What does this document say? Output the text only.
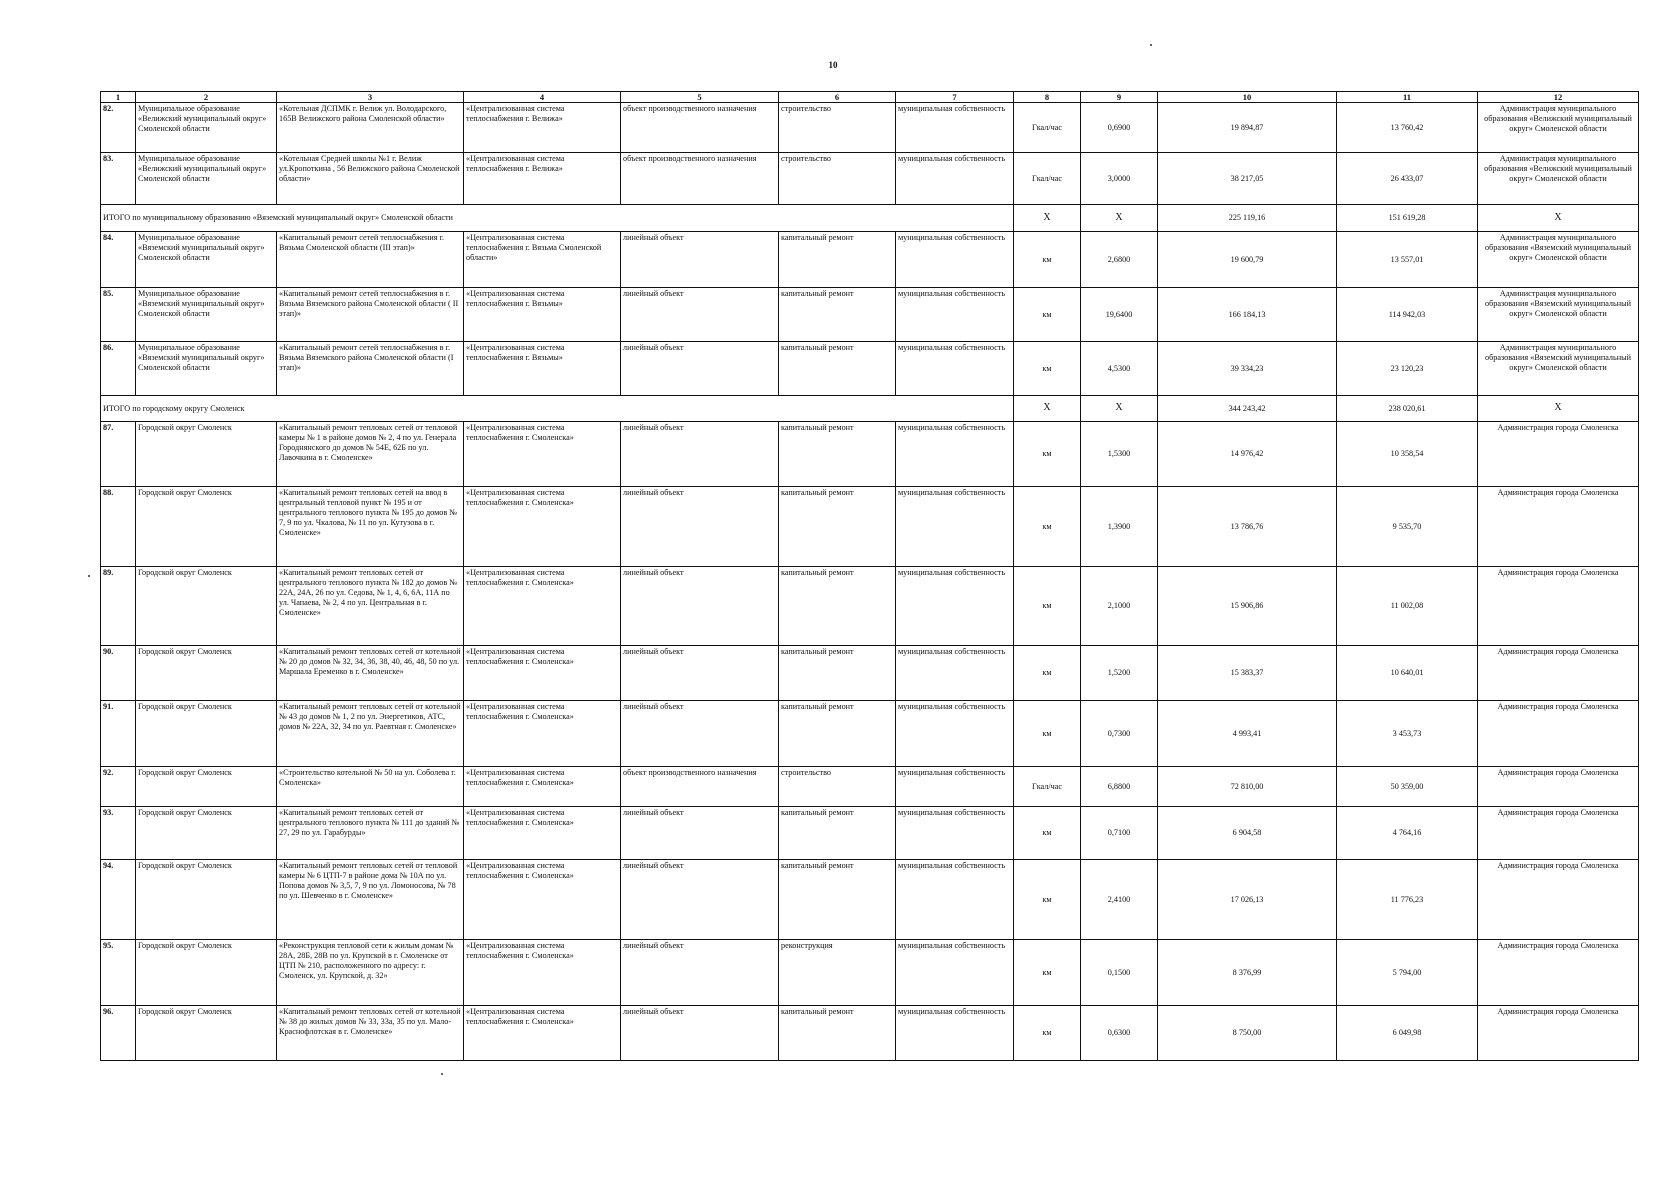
10
1	2	3	4	5	6	7	8	9	10	11	12
82.	Муниципальное образование «Велижский муниципальный округ» Смоленской области	«Котельная ДСПМК г. Велиж ул. Володарского, 165В Велижского района Смоленской области»	«Централизованная система теплоснабжения г. Велижа»	объект производственного назначения	строительство	муниципальная собственность	Гкал/час	0,6900	19 894,87	13 760,42	Администрация муниципального образования «Велижский муниципальный округ» Смоленской области
83.	Муниципальное образование «Велижский муниципальный округ» Смоленской области	«Котельная Средней школы №1 г. Велиж ул.Кропоткина , 56 Велижского района Смоленской области»	«Централизованная система теплоснабжения г. Велижа»	объект производственного назначения	строительство	муниципальная собственность	Гкал/час	3,0000	38 217,05	26 433,07	Администрация муниципального образования «Велижский муниципальный округ» Смоленской области
ИТОГО по муниципальному образованию «Вяземский муниципальный округ» Смоленской области							Х	Х	225 119,16	151 619,28	Х
84.	Муниципальное образование «Вяземский муниципальный округ» Смоленской области	«Капитальный ремонт сетей теплоснабжения г. Вязьма Смоленской области (III этап)»	«Централизованная система теплоснабжения г. Вязьма Смоленской области»	линейный объект	капитальный ремонт	муниципальная собственность	км	2,6800	19 600,79	13 557,01	Администрация муниципального образования «Вяземский муниципальный округ» Смоленской области
85.	Муниципальное образование «Вяземский муниципальный округ» Смоленской области	«Капитальный ремонт сетей теплоснабжения в г. Вязьма Вяземского района Смоленской области ( II этап)»	«Централизованная система теплоснабжения г. Вязьмы»	линейный объект	капитальный ремонт	муниципальная собственность	км	19,6400	166 184,13	114 942,03	Администрация муниципального образования «Вяземский муниципальный округ» Смоленской области
86.	Муниципальное образование «Вяземский муниципальный округ» Смоленской области	«Капитальный ремонт сетей теплоснабжения в г. Вязьма Вяземского района Смоленской области (I этап)»	«Централизованная система теплоснабжения г. Вязьмы»	линейный объект	капитальный ремонт	муниципальная собственность	км	4,5300	39 334,23	23 120,23	Администрация муниципального образования «Вяземский муниципальный округ» Смоленской области
ИТОГО по городскому округу Смоленск							Х	Х	344 243,42	238 020,61	Х
87.	Городской округ Смоленск	«Капитальный ремонт тепловых сетей от тепловой камеры № 1 в районе домов № 2, 4 по ул. Генерала Городнянского до домов № 54Е, 62Б по ул. Лавочкина в г. Смоленске»	«Централизованная система теплоснабжения г. Смоленска»	линейный объект	капитальный ремонт	муниципальная собственность	км	1,5300	14 976,42	10 358,54	Администрация города Смоленска
88.	Городской округ Смоленск	«Капитальный ремонт тепловых сетей на ввод в центральный тепловой пункт № 195 и от центрального теплового пункта № 195 до домов № 7, 9 по ул. Чкалова, № 11 по ул. Кутузова в г. Смоленске»	«Централизованная система теплоснабжения г. Смоленска»	линейный объект	капитальный ремонт	муниципальная собственность	км	1,3900	13 786,76	9 535,70	Администрация города Смоленска
89.	Городской округ Смоленск	«Капитальный ремонт тепловых сетей от центрального теплового пункта № 182 до домов № 22А, 24А, 26 по ул. Седова, № 1, 4, 6, 6А, 11А по ул. Чапаева, № 2, 4 по ул. Центральная в г. Смоленске»	«Централизованная система теплоснабжения г. Смоленска»	линейный объект	капитальный ремонт	муниципальная собственность	км	2,1000	15 906,86	11 002,08	Администрация города Смоленска
90.	Городской округ Смоленск	«Капитальный ремонт тепловых сетей от котельной № 20 до домов № 32, 34, 36, 38, 40, 46, 48, 50 по ул. Маршала Еременко в г. Смоленске»	«Централизованная система теплоснабжения г. Смоленска»	линейный объект	капитальный ремонт	муниципальная собственность	км	1,5200	15 383,37	10 640,01	Администрация города Смоленска
91.	Городской округ Смоленск	«Капитальный ремонт тепловых сетей от котельной № 43 до домов № 1, 2 по ул. Энергетиков, АТС, домов № 22А, 32, 34 по ул. Раевтная г. Смоленске»	«Централизованная система теплоснабжения г. Смоленска»	линейный объект	капитальный ремонт	муниципальная собственность	км	0,7300	4 993,41	3 453,73	Администрация города Смоленска
92.	Городской округ Смоленск	«Строительство котельной № 50 на ул. Соболева г. Смоленска»	«Централизованная система теплоснабжения г. Смоленска»	объект производственного назначения	строительство	муниципальная собственность	Гкал/час	6,8800	72 810,00	50 359,00	Администрация города Смоленска
93.	Городской округ Смоленск	«Капитальный ремонт тепловых сетей от центрального теплового пункта № 111 до зданий № 27, 29 по ул. Гарабурды»	«Централизованная система теплоснабжения г. Смоленска»	линейный объект	капитальный ремонт	муниципальная собственность	км	0,7100	6 904,58	4 764,16	Администрация города Смоленска
94.	Городской округ Смоленск	«Капитальный ремонт тепловых сетей от тепловой камеры № 6 ЦТП-7 в районе дома № 10А по ул. Попова домов № 3,5, 7, 9 по ул. Ломоносова, № 78 по ул. Шевченко в г. Смоленске»	«Централизованная система теплоснабжения г. Смоленска»	линейный объект	капитальный ремонт	муниципальная собственность	км	2,4100	17 026,13	11 776,23	Администрация города Смоленска
95.	Городской округ Смоленск	«Реконструкция тепловой сети к жилым домам № 28А, 28Б, 28В по ул. Крупской в г. Смоленске от ЦТП № 210, расположенного по адресу: г. Смоленск, ул. Крупской, д. 32»	«Централизованная система теплоснабжения г. Смоленска»	линейный объект	реконструкция	муниципальная собственность	км	0,1500	8 376,99	5 794,00	Администрация города Смоленска
96.	Городской округ Смоленск	«Капитальный ремонт тепловых сетей от котельной № 38 до жилых домов № 33, 33а, 35 по ул. Мало-Краснофлотская в г. Смоленске»	«Централизованная система теплоснабжения г. Смоленска»	линейный объект	капитальный ремонт	муниципальная собственность	км	0,6300	8 750,00	6 049,98	Администрация города Смоленска
